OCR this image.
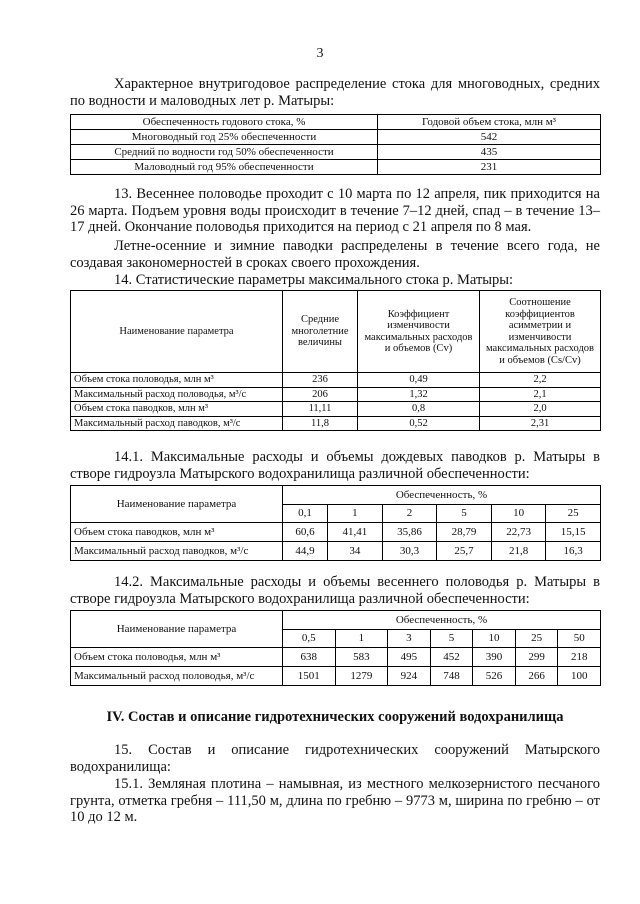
3
Характерное внутригодовое распределение стока для многоводных, средних по водности и маловодных лет р. Матыры:
Обеспеченность годового стока, %	Годовой объем стока, млн м³
Многоводный год 25% обеспеченности	542
Средний по водности год 50% обеспеченности	435
Маловодный год 95% обеспеченности	231
13. Весеннее половодье проходит с 10 марта по 12 апреля, пик приходится на 26 марта. Подъем уровня воды происходит в течение 7–12 дней, спад – в течение 13–17 дней. Окончание половодья приходится на период с 21 апреля по 8 мая.
Летне-осенние и зимние паводки распределены в течение всего года, не создавая закономерностей в сроках своего прохождения.
14. Статистические параметры максимального стока р. Матыры:
Наименование параметра	Средние многолетние величины	Коэффициент изменчивости максимальных расходов и объемов (Cv)	Соотношение коэффициентов асимметрии и изменчивости максимальных расходов и объемов (Cs/Cv)
Объем стока половодья, млн м³	236	0,49	2,2
Максимальный расход половодья, м³/с	206	1,32	2,1
Объем стока паводков, млн м³	11,11	0,8	2,0
Максимальный расход паводков, м³/с	11,8	0,52	2,31
14.1. Максимальные расходы и объемы дождевых паводков р. Матыры в створе гидроузла Матырского водохранилища различной обеспеченности:
Наименование параметра	Обеспеченность, %					
	0,1	1	2	5	10	25
Объем стока паводков, млн м³	60,6	41,41	35,86	28,79	22,73	15,15
Максимальный расход паводков, м³/с	44,9	34	30,3	25,7	21,8	16,3
14.2. Максимальные расходы и объемы весеннего половодья р. Матыры в створе гидроузла Матырского водохранилища различной обеспеченности:
Наименование параметра	Обеспеченность, %						
	0,5	1	3	5	10	25	50
Объем стока половодья, млн м³	638	583	495	452	390	299	218
Максимальный расход половодья, м³/с	1501	1279	924	748	526	266	100
IV. Состав и описание гидротехнических сооружений водохранилища
15. Состав и описание гидротехнических сооружений Матырского водохранилища:
15.1. Земляная плотина – намывная, из местного мелкозернистого песчаного грунта, отметка гребня – 111,50 м, длина по гребню – 9773 м, ширина по гребню – от 10 до 12 м.
